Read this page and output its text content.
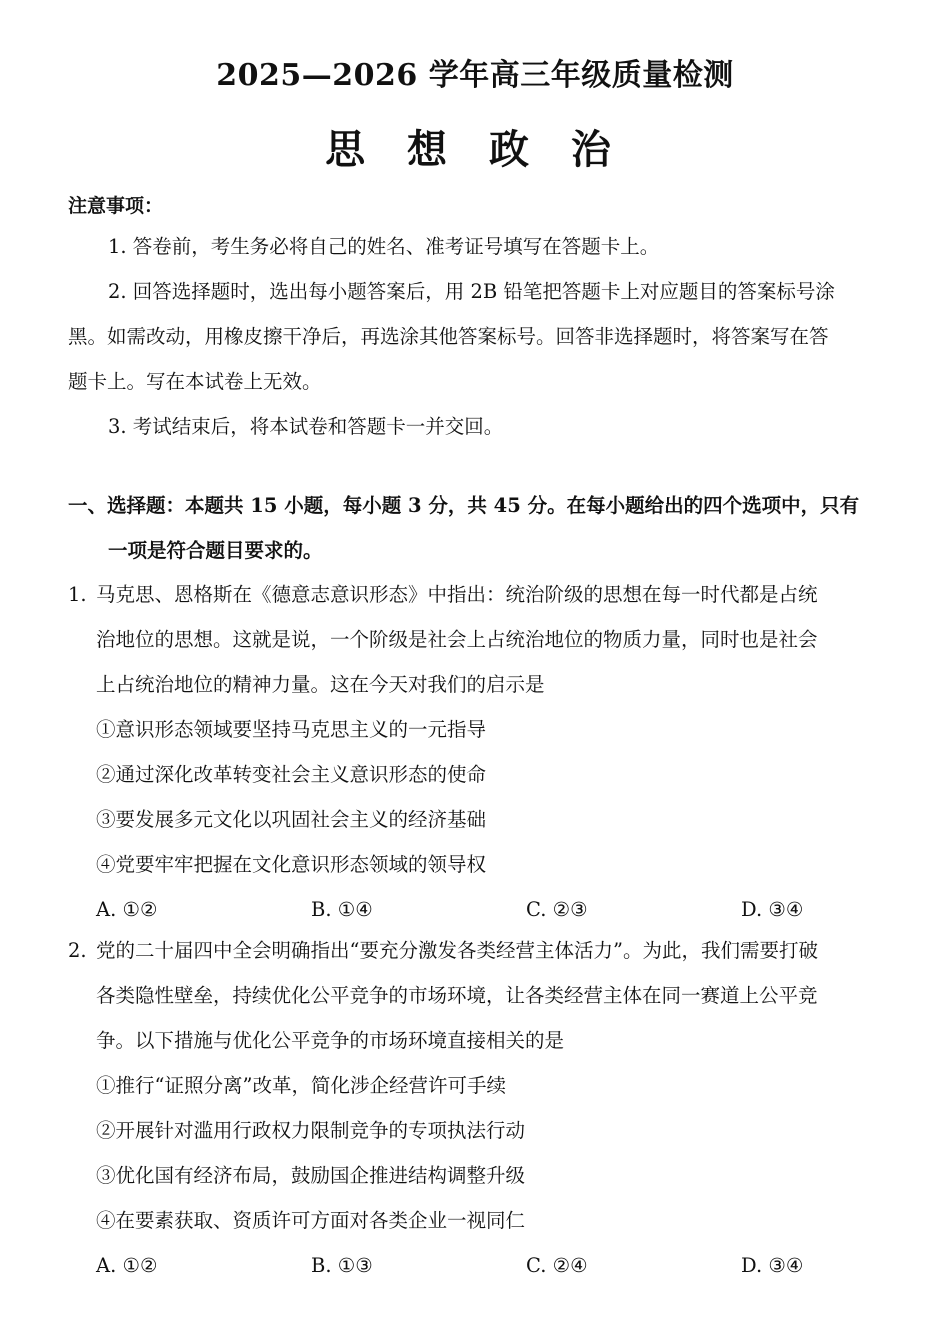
2025—2026 学年高三年级质量检测
思 想 政 治
注意事项：
1. 答卷前，考生务必将自己的姓名、准考证号填写在答题卡上。
2. 回答选择题时，选出每小题答案后，用 2B 铅笔把答题卡上对应题目的答案标号涂
黑。如需改动，用橡皮擦干净后，再选涂其他答案标号。回答非选择题时，将答案写在答
题卡上。写在本试卷上无效。
3. 考试结束后，将本试卷和答题卡一并交回。
一、选择题：本题共 15 小题，每小题 3 分，共 45 分。在每小题给出的四个选项中，只有
一项是符合题目要求的。
1. 马克思、恩格斯在《德意志意识形态》中指出：统治阶级的思想在每一时代都是占统
治地位的思想。这就是说，一个阶级是社会上占统治地位的物质力量，同时也是社会
上占统治地位的精神力量。这在今天对我们的启示是
①意识形态领域要坚持马克思主义的一元指导
②通过深化改革转变社会主义意识形态的使命
③要发展多元文化以巩固社会主义的经济基础
④党要牢牢把握在文化意识形态领域的领导权
A. ①②	B. ①④	C. ②③	D. ③④
2. 党的二十届四中全会明确指出“要充分激发各类经营主体活力”。为此，我们需要打破
各类隐性壁垒，持续优化公平竞争的市场环境，让各类经营主体在同一赛道上公平竞
争。以下措施与优化公平竞争的市场环境直接相关的是
①推行“证照分离”改革，简化涉企经营许可手续
②开展针对滥用行政权力限制竞争的专项执法行动
③优化国有经济布局，鼓励国企推进结构调整升级
④在要素获取、资质许可方面对各类企业一视同仁
A. ①②	B. ①③	C. ②④	D. ③④
